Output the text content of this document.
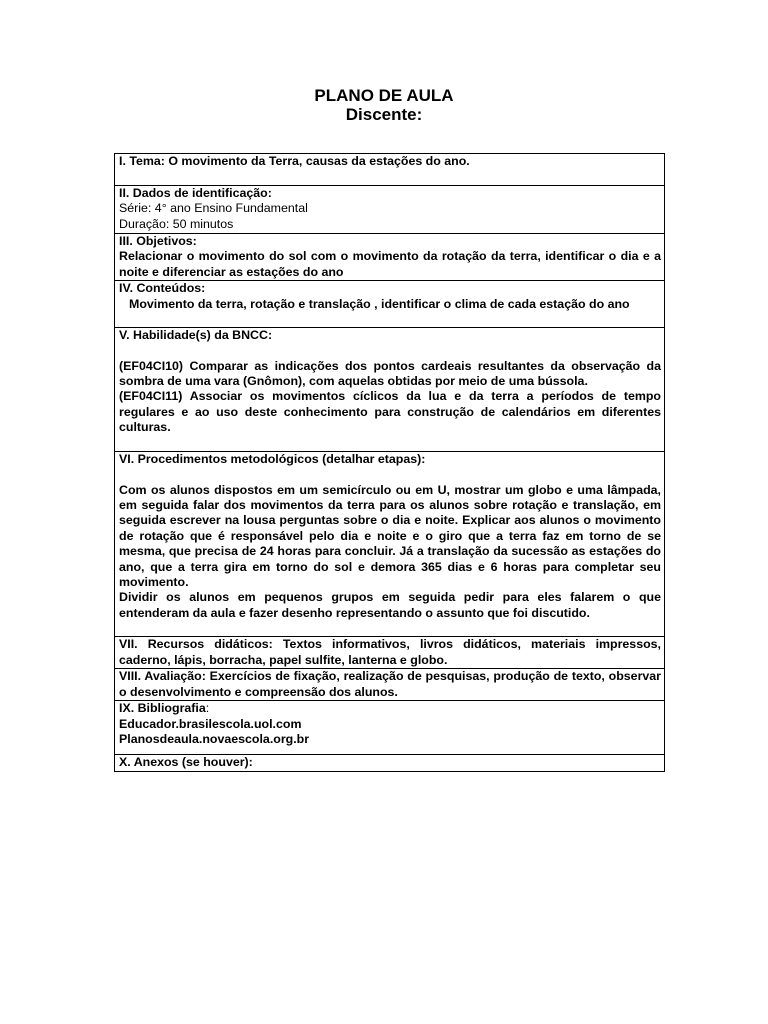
PLANO DE AULA
Discente:
I. Tema: O movimento da Terra, causas da estações do ano.

II. Dados de identificação:
Série: 4° ano Ensino Fundamental
Duração: 50 minutos

III. Objetivos:
Relacionar o movimento do sol com o movimento da rotação da terra, identificar o dia e a noite e diferenciar as estações do ano

IV. Conteúdos:
Movimento da terra, rotação e translação , identificar o clima de cada estação do ano

V. Habilidade(s) da BNCC:
(EF04CI10) Comparar as indicações dos pontos cardeais resultantes da observação da sombra de uma vara (Gnômon), com aquelas obtidas por meio de uma bússola.
(EF04CI11) Associar os movimentos cíclicos da lua e da terra a períodos de tempo regulares e ao uso deste conhecimento para construção de calendários em diferentes culturas.

VI. Procedimentos metodológicos (detalhar etapas):
Com os alunos dispostos em um semicírculo ou em U, mostrar um globo e uma lâmpada, em seguida falar dos movimentos da terra para os alunos sobre rotação e translação, em seguida escrever na lousa perguntas sobre o dia e noite. Explicar aos alunos o movimento de rotação que é responsável pelo dia e noite e o giro que a terra faz em torno de se mesma, que precisa de 24 horas para concluir. Já a translação da sucessão as estações do ano, que a terra gira em torno do sol e demora 365 dias e 6 horas para completar seu movimento.
Dividir os alunos em pequenos grupos em seguida pedir para eles falarem o que entenderam da aula e fazer desenho representando o assunto que foi discutido.

VII. Recursos didáticos: Textos informativos, livros didáticos, materiais impressos, caderno, lápis, borracha, papel sulfite, lanterna e globo.

VIII. Avaliação: Exercícios de fixação, realização de pesquisas, produção de texto, observar o desenvolvimento e compreensão dos alunos.

IX. Bibliografia:
Educador.brasilescola.uol.com
Planosdeaula.novaescola.org.br

X. Anexos (se houver):
